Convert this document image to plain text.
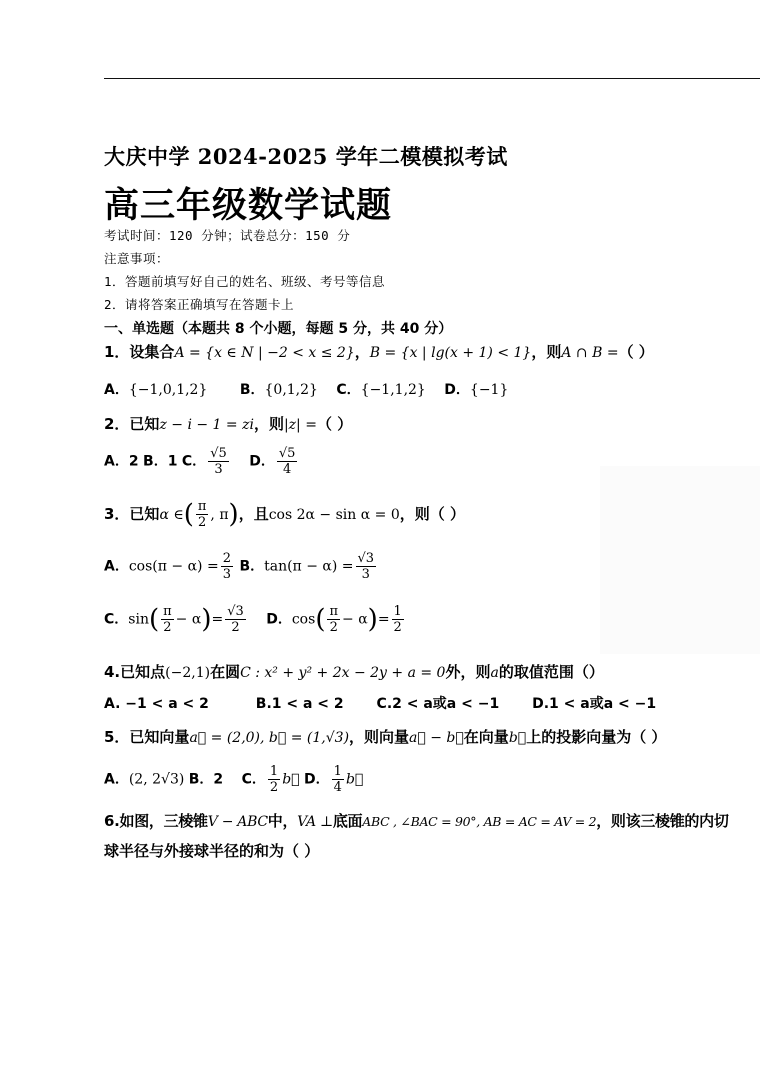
大庆中学 2024-2025 学年二模模拟考试
高三年级数学试题
考试时间：120 分钟；试卷总分：150 分
注意事项：
1．答题前填写好自己的姓名、班级、考号等信息
2．请将答案正确填写在答题卡上
一、单选题（本题共 8 个小题，每题 5 分，共 40 分）
1．设集合A = {x ∈ N | −2 < x ≤ 2}，B = {x | lg(x + 1) < 1}，则A ∩ B =（ ）
A．{−1,0,1,2} B．{0,1,2} C．{−1,1,2} D．{−1}
2．已知z − i − 1 = zi，则|z| =（ ）
A．2 B．1 C． $\frac{√5}{3}$ D． $\frac{√5}{4}$
3．已知α ∈( $\frac{\pi}{2}$ , π)，且cos 2α − sin α = 0，则（ ）
A．$\cos(\pi - \alpha) = \frac{2}{3}$ B．$\tan(\pi - \alpha) = \frac{√3}{3}$
C．$\sin( \frac{\pi}{2} - \alpha)= \frac{√3}{2}$ D．$\cos( \frac{\pi}{2} - \alpha)= \frac{1}{2}$
4.已知点(−2,1)在圆C : x² + y² + 2x − 2y + a = 0外，则a的取值范围（）
A. −1 < a < 2	B.1 < a < 2 C.2 < a或a < −1 D.1 < a或a < −1
5．已知向量a⃗ = (2,0), b⃗ = (1,√3)，则向量a⃗ − b⃗在向量b⃗上的投影向量为（ ）
A．(2, 2√3) B．2 C． $\frac{1}{2}$ b⃗ D． $\frac{1}{4}$ b⃗
6.如图，三棱锥V − ABC中，VA ⊥底面ABC , ∠BAC = 90°, AB = AC = AV = 2，则该三棱锥的内切
球半径与外接球半径的和为（ ）
